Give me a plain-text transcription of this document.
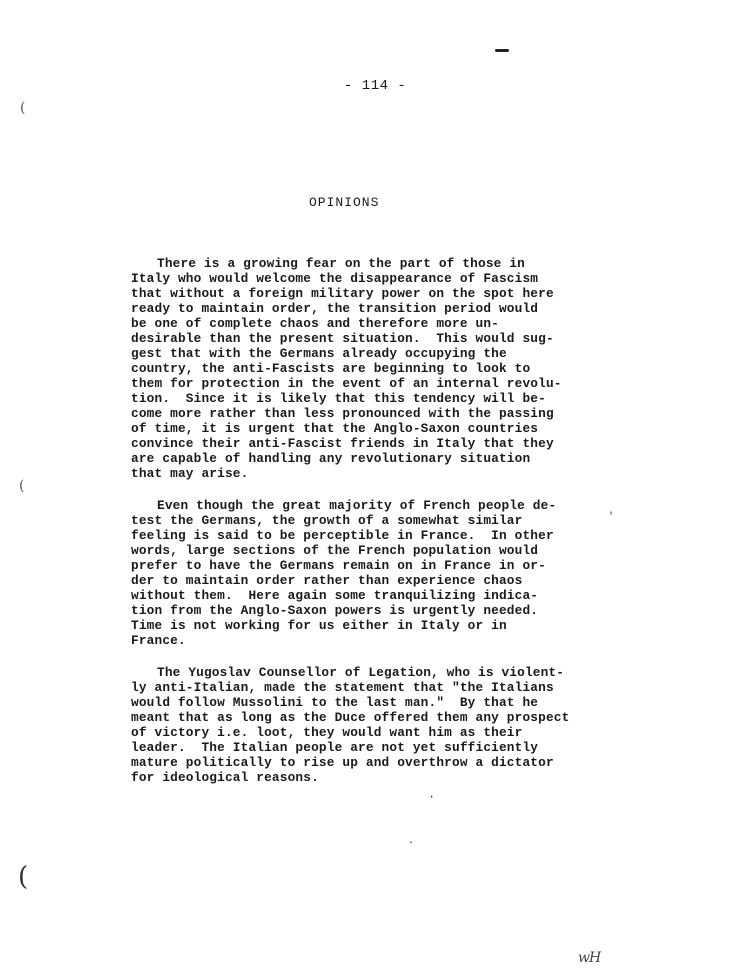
- 114 -
OPINIONS
There is a growing fear on the part of those in
Italy who would welcome the disappearance of Fascism
that without a foreign military power on the spot here
ready to maintain order, the transition period would
be one of complete chaos and therefore more un-
desirable than the present situation.  This would sug-
gest that with the Germans already occupying the
country, the anti-Fascists are beginning to look to
them for protection in the event of an internal revolu-
tion.  Since it is likely that this tendency will be-
come more rather than less pronounced with the passing
of time, it is urgent that the Anglo-Saxon countries
convince their anti-Fascist friends in Italy that they
are capable of handling any revolutionary situation
that may arise.
Even though the great majority of French people de-
test the Germans, the growth of a somewhat similar
feeling is said to be perceptible in France.  In other
words, large sections of the French population would
prefer to have the Germans remain on in France in or-
der to maintain order rather than experience chaos
without them.  Here again some tranquilizing indica-
tion from the Anglo-Saxon powers is urgently needed.
Time is not working for us either in Italy or in
France.
The Yugoslav Counsellor of Legation, who is violent-
ly anti-Italian, made the statement that "the Italians
would follow Mussolini to the last man."  By that he
meant that as long as the Duce offered them any prospect
of victory i.e. loot, they would want him as their
leader.  The Italian people are not yet sufficiently
mature politically to rise up and overthrow a dictator
for ideological reasons.
(
(
(
'
·
·
wH
